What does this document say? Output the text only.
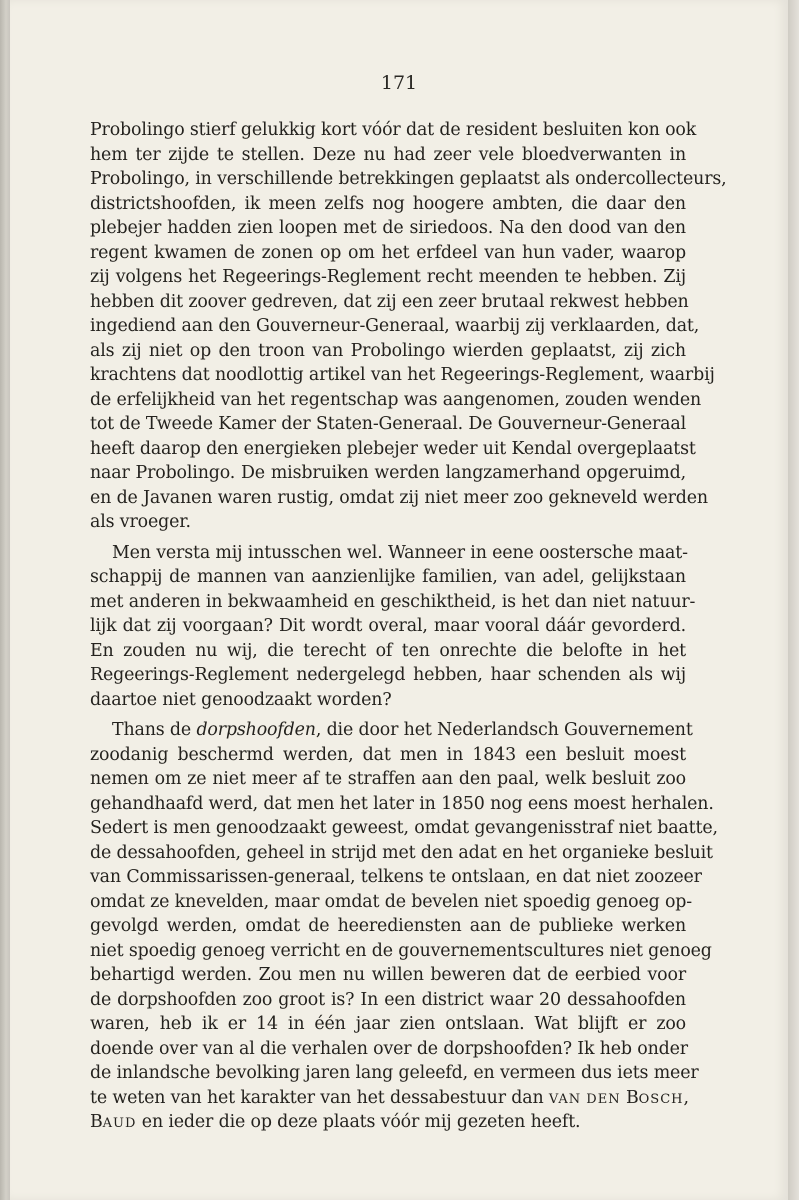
171
Probolingo stierf gelukkig kort vóór dat de resident besluiten kon ook
hem ter zijde te stellen. Deze nu had zeer vele bloedverwanten in
Probolingo, in verschillende betrekkingen geplaatst als ondercollecteurs,
districtshoofden, ik meen zelfs nog hoogere ambten, die daar den
plebejer hadden zien loopen met de siriedoos. Na den dood van den
regent kwamen de zonen op om het erfdeel van hun vader, waarop
zij volgens het Regeerings-Reglement recht meenden te hebben. Zij
hebben dit zoover gedreven, dat zij een zeer brutaal rekwest hebben
ingediend aan den Gouverneur-Generaal, waarbij zij verklaarden, dat,
als zij niet op den troon van Probolingo wierden geplaatst, zij zich
krachtens dat noodlottig artikel van het Regeerings-Reglement, waarbij
de erfelijkheid van het regentschap was aangenomen, zouden wenden
tot de Tweede Kamer der Staten-Generaal. De Gouverneur-Generaal
heeft daarop den energieken plebejer weder uit Kendal overgeplaatst
naar Probolingo. De misbruiken werden langzamerhand opgeruimd,
en de Javanen waren rustig, omdat zij niet meer zoo gekneveld werden
als vroeger.
Men versta mij intusschen wel. Wanneer in eene oostersche maat-
schappij de mannen van aanzienlijke familien, van adel, gelijkstaan
met anderen in bekwaamheid en geschiktheid, is het dan niet natuur-
lijk dat zij voorgaan? Dit wordt overal, maar vooral dáár gevorderd.
En zouden nu wij, die terecht of ten onrechte die belofte in het
Regeerings-Reglement nedergelegd hebben, haar schenden als wij
daartoe niet genoodzaakt worden?
Thans de dorpshoofden, die door het Nederlandsch Gouvernement
zoodanig beschermd werden, dat men in 1843 een besluit moest
nemen om ze niet meer af te straffen aan den paal, welk besluit zoo
gehandhaafd werd, dat men het later in 1850 nog eens moest herhalen.
Sedert is men genoodzaakt geweest, omdat gevangenisstraf niet baatte,
de dessahoofden, geheel in strijd met den adat en het organieke besluit
van Commissarissen-generaal, telkens te ontslaan, en dat niet zoozeer
omdat ze knevelden, maar omdat de bevelen niet spoedig genoeg op-
gevolgd werden, omdat de heerediensten aan de publieke werken
niet spoedig genoeg verricht en de gouvernementscultures niet genoeg
behartigd werden. Zou men nu willen beweren dat de eerbied voor
de dorpshoofden zoo groot is? In een district waar 20 dessahoofden
waren, heb ik er 14 in één jaar zien ontslaan. Wat blijft er zoo
doende over van al die verhalen over de dorpshoofden? Ik heb onder
de inlandsche bevolking jaren lang geleefd, en vermeen dus iets meer
te weten van het karakter van het dessabestuur dan VAN DEN BOSCH,
BAUD en ieder die op deze plaats vóór mij gezeten heeft.
